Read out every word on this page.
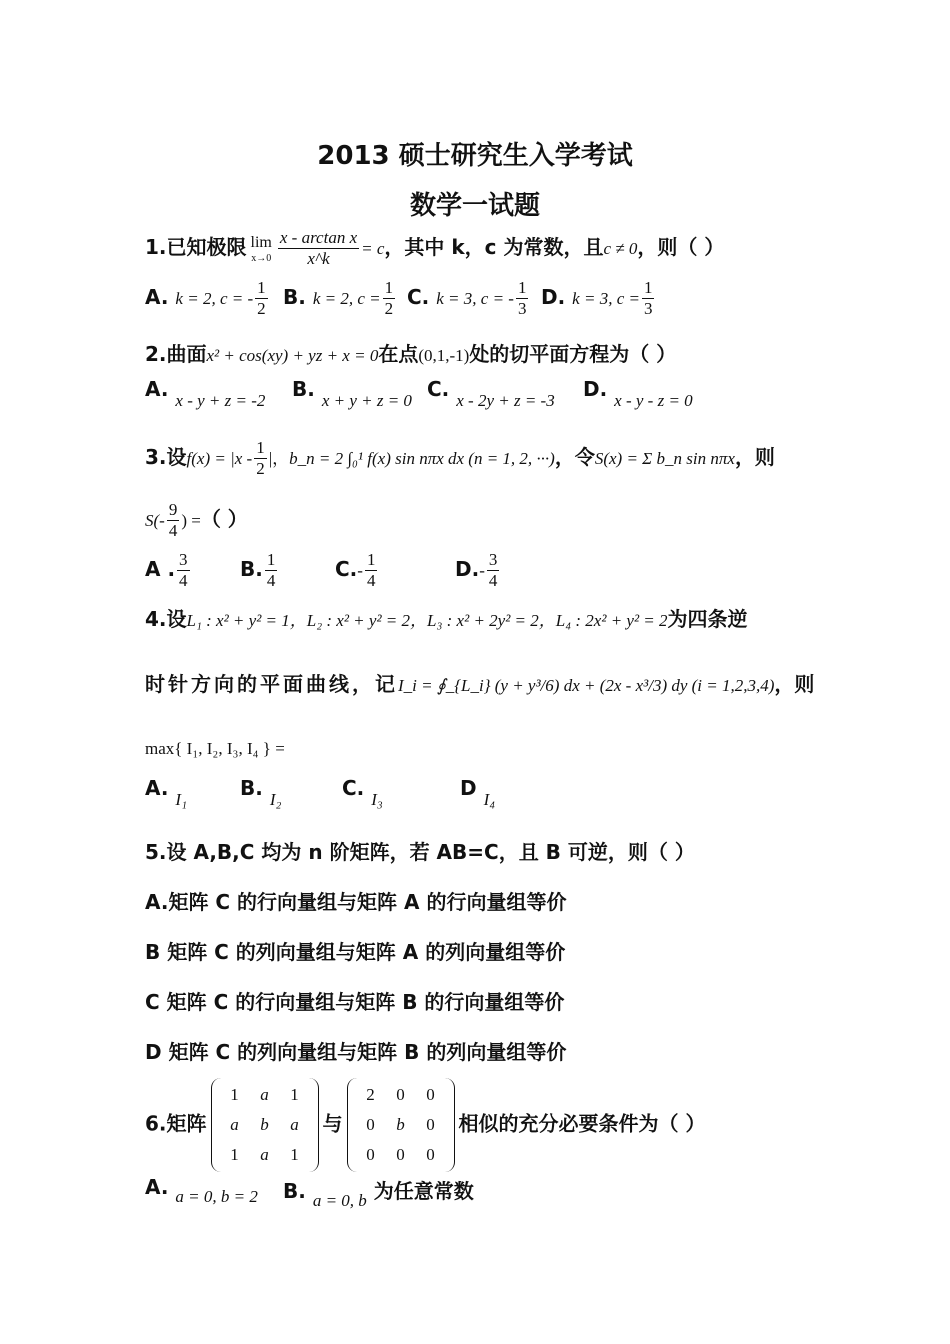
2013 硕士研究生入学考试
数学一试题
1.已知极限 lim
$x\to 0 \frac{\text{x - arctan x}}{x\^{}k} = c$，其中 k，c 为常数，且c ≠ 0，则（ ）
A. k = 2, c = - $\frac{1}{2} B$. k = 2, $c = \frac{1}{2} C$. k = 3, c = - $\frac{1}{3} D$. k = 3, $c = \frac{1}{3}$
2.曲面x² + cos(xy) + yz + x = 0在点(0,1,-1)处的切平面方程为（ ）
A. $_{x - y + z = -2}$ B. $_{x + y + z = 0}$ C. $_{x - 2y + z = -3}$ D. $_{x - y - z = 0}$
3.设$f(x) = |x - \frac{1}{2}$ |，b_n = 2 ∫₀¹ f(x) sin nπx dx (n = 1, 2, ···)，令S(x) = Σ b_n sin nπx，则
$S(- \frac{9}{4}$ ) =（ ）
A . $\frac{3}{4}$	B. $\frac{1}{4}$	$C.- \frac{1}{4}$	$D.- \frac{3}{4}$
4.设L₁ : x² + y² = 1，L₂ : x² + y² = 2，L₃ : x² + 2y² = 2，L₄ : 2x² + y² = 2为四条逆
时针方向的平面曲线，记I_i = ∮_{L_i} (y + y³/6) dx + (2x - x³/3) dy (i = 1,2,3,4)，则
max{ I₁, I₂, I₃, I₄ } =
A. $_{I_1}$	B. $_{I_2}$	C. $_{I_3}$	D $_{I_4}$
5.设 A,B,C 均为 n 阶矩阵，若 AB=C，且 B 可逆，则（ ）
A.矩阵 C 的行向量组与矩阵 A 的行向量组等价
B 矩阵 C 的列向量组与矩阵 A 的列向量组等价
C 矩阵 C 的行向量组与矩阵 B 的行向量组等价
D 矩阵 C 的列向量组与矩阵 B 的列向量组等价
6.矩阵
1	a	1
a	b	a
1	a	1
与
2	0	0
0	b	0
0	0	0
相似的充分必要条件为（ ）
A. $_{a = 0, b = 2}$ B. $_{a = 0, b}$ 为任意常数
